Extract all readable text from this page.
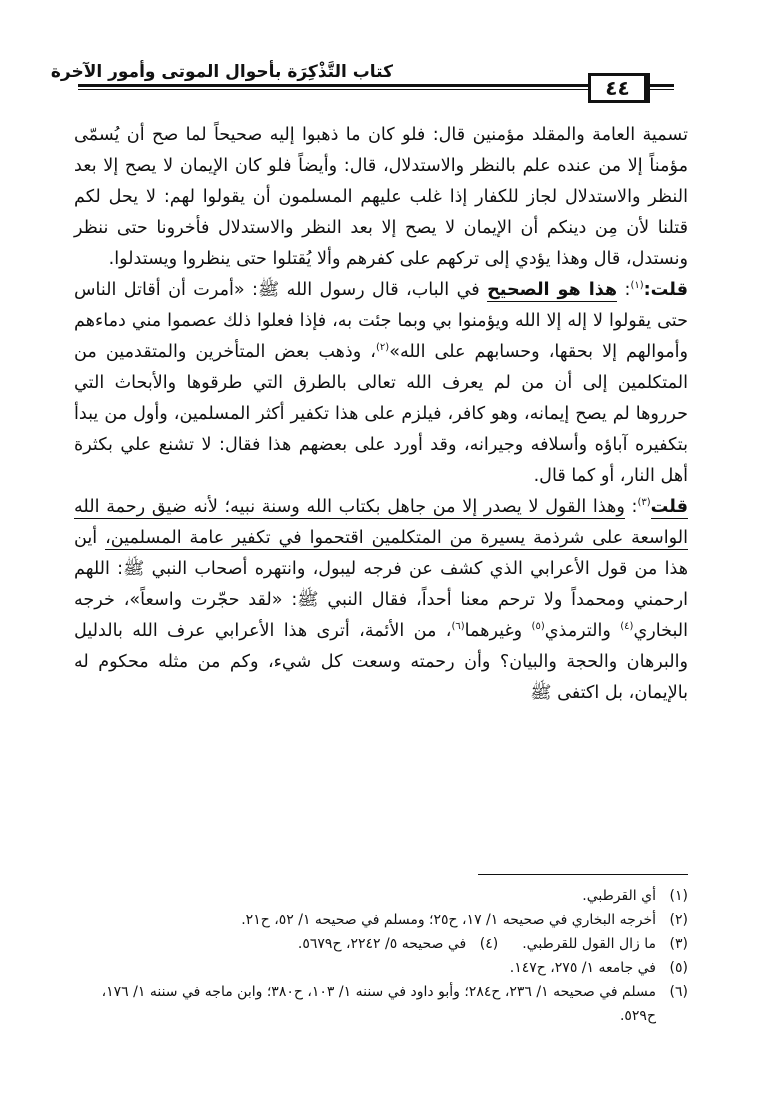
كتاب التَّذْكِرَة بأحوال الموتى وأمور الآخرة
٤٤

تسمية العامة والمقلد مؤمنين قال: فلو كان ما ذهبوا إليه صحيحاً لما صح أن يُسمّى مؤمناً إلا من عنده علم بالنظر والاستدلال، قال: وأيضاً فلو كان الإيمان لا يصح إلا بعد النظر والاستدلال لجاز للكفار إذا غلب عليهم المسلمون أن يقولوا لهم: لا يحل لكم قتلنا لأن مِن دينكم أن الإيمان لا يصح إلا بعد النظر والاستدلال فأخرونا حتى ننظر ونستدل، قال وهذا يؤدي إلى تركهم على كفرهم وألا يُقتلوا حتى ينظروا ويستدلوا.

قلت:$^{(١)}$: هذا هو الصحيح في الباب، قال رسول الله ﷺ: «أمرت أن أقاتل الناس حتى يقولوا لا إله إلا الله ويؤمنوا بي وبما جئت به، فإذا فعلوا ذلك عصموا مني دماءهم وأموالهم إلا بحقها، وحسابهم على الله»$^{(٢)}$، وذهب بعض المتأخرين والمتقدمين من المتكلمين إلى أن من لم يعرف الله تعالى بالطرق التي طرقوها والأبحاث التي حرروها لم يصح إيمانه، وهو كافر، فيلزم على هذا تكفير أكثر المسلمين، وأول من يبدأ بتكفيره آباؤه وأسلافه وجيرانه، وقد أورد على بعضهم هذا فقال: لا تشنع علي بكثرة أهل النار، أو كما قال.

قلت$^{(٣)}$: وهذا القول لا يصدر إلا من جاهل بكتاب الله وسنة نبيه؛ لأنه ضيق رحمة الله الواسعة على شرذمة يسيرة من المتكلمين اقتحموا في تكفير عامة المسلمين، أين هذا من قول الأعرابي الذي كشف عن فرجه ليبول، وانتهره أصحاب النبي ﷺ: اللهم ارحمني ومحمداً ولا ترحم معنا أحداً، فقال النبي ﷺ: «لقد حجّرت واسعاً»، خرجه البخاري$^{(٤)}$ والترمذي$^{(٥)}$ وغيرهما$^{(٦)}$، من الأئمة، أترى هذا الأعرابي عرف الله بالدليل والبرهان والحجة والبيان؟ وأن رحمته وسعت كل شيء، وكم من مثله محكوم له بالإيمان، بل اكتفى ﷺ

(١)
أي القرطبي.
(٢)
أخرجه البخاري في صحيحه ١/ ١٧، ح٢٥؛ ومسلم في صحيحه ١/ ٥٢، ح٢١.
(٣)
ما زال القول للقرطبي.
(٤)
في صحيحه ٥/ ٢٢٤٢، ح٥٦٧٩.
(٥)
في جامعه ١/ ٢٧٥، ح١٤٧.
(٦)
مسلم في صحيحه ١/ ٢٣٦، ح٢٨٤؛ وأبو داود في سننه ١/ ١٠٣، ح٣٨٠؛ وابن ماجه في سننه ١/ ١٧٦، ح٥٢٩.
